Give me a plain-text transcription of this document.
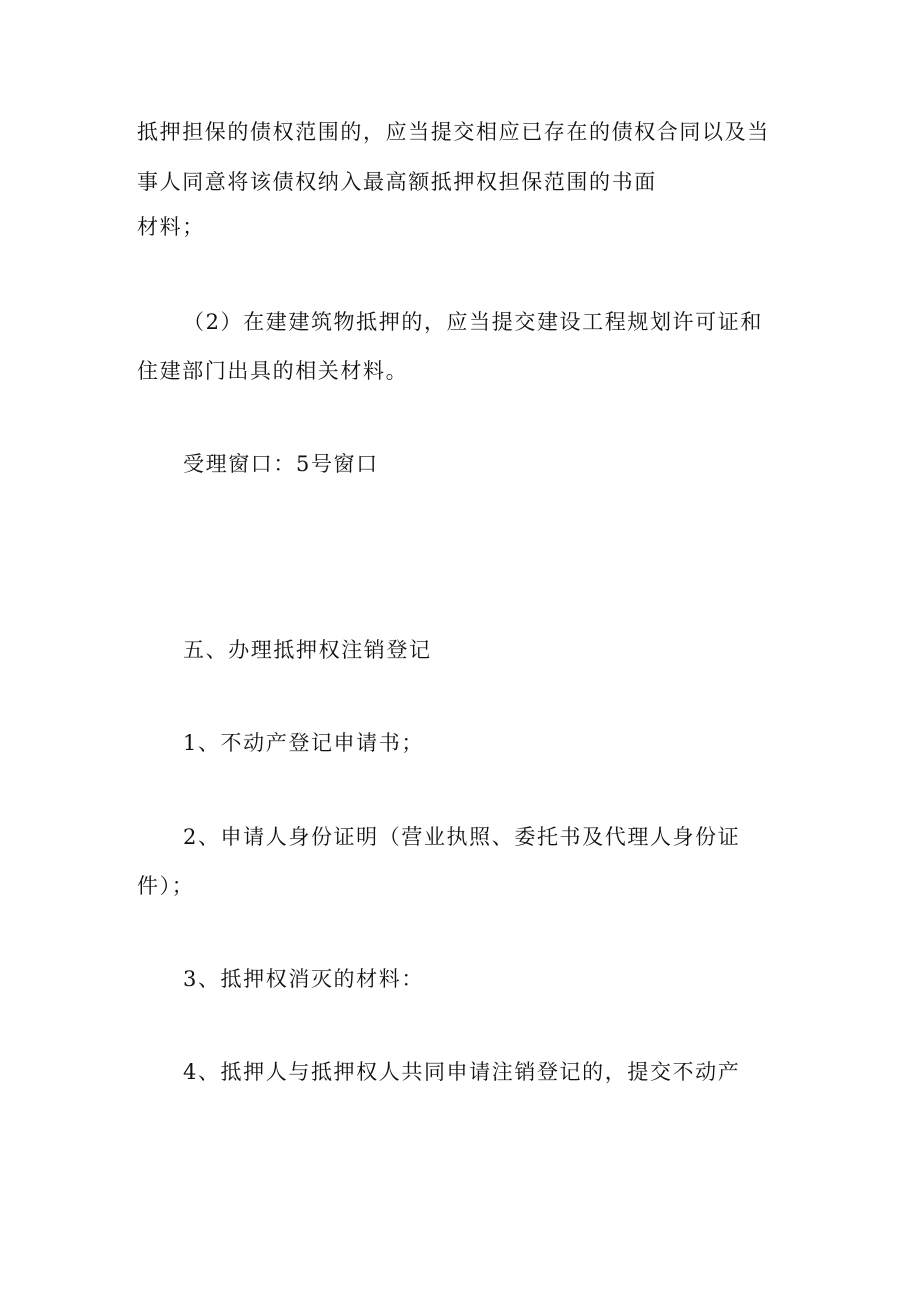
抵押担保的债权范围的，应当提交相应已存在的债权合同以及当
事人同意将该债权纳入最高额抵押权担保范围的书面
材料；
（2）在建建筑物抵押的，应当提交建设工程规划许可证和
住建部门出具的相关材料。
受理窗口：5号窗口
五、办理抵押权注销登记
1、不动产登记申请书；
2、申请人身份证明（营业执照、委托书及代理人身份证
件）；
3、抵押权消灭的材料：
4、抵押人与抵押权人共同申请注销登记的，提交不动产
